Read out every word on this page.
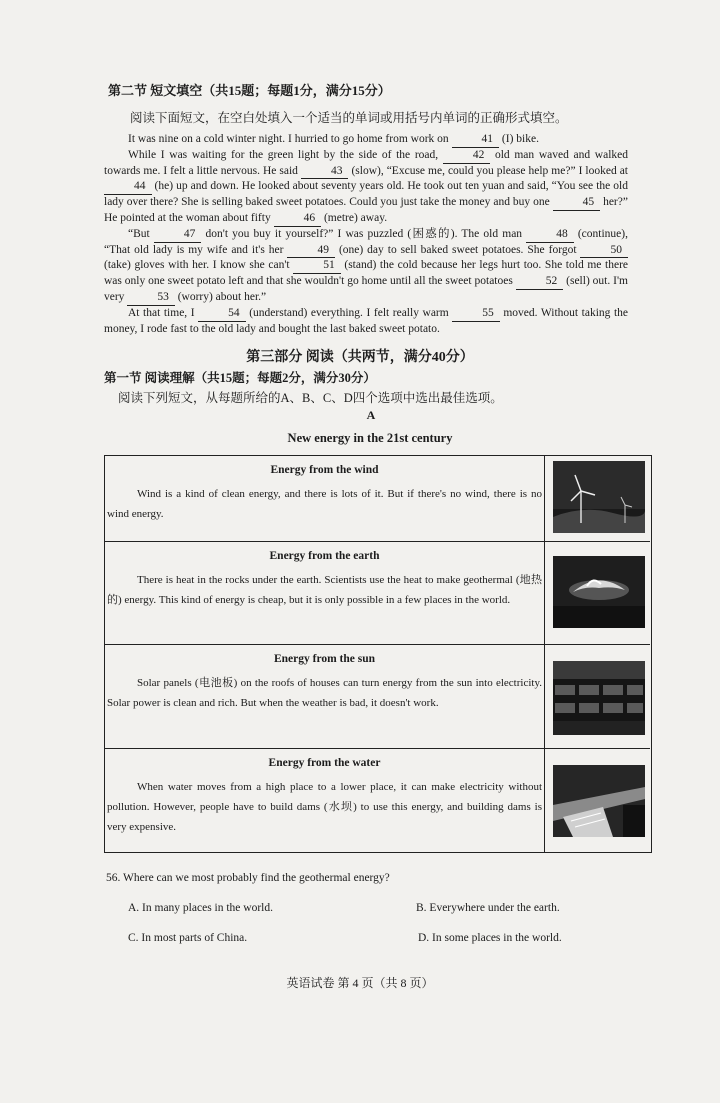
第二节 短文填空（共15题；每题1分，满分15分）
阅读下面短文，在空白处填入一个适当的单词或用括号内单词的正确形式填空。

It was nine on a cold winter night. I hurried to go home from work on	41 (I) bike.

While I was waiting for the green light by the side of the road,	42 old man waved and walked towards me. I felt a little nervous. He said	43 (slow), “Excuse me, could you please help me?” I looked at 44 (he) up and down. He looked about seventy years old. He took out ten yuan and said, “You see the old lady over there? She is selling baked sweet potatoes. Could you just take the money and buy one	45 her?” He pointed at the woman about fifty	46 (metre) away.

“But	47 don't you buy it yourself?” I was puzzled (困惑的). The old man	48 (continue), “That old lady is my wife and it's her	49 (one) day to sell baked sweet potatoes. She forgot	50 (take) gloves with her. I know she can't	51 (stand) the cold because her legs hurt too. She told me there was only one sweet potato left and that she wouldn't go home until all the sweet potatoes	52 (sell) out. I'm very	53 (worry) about her.”

At that time, I	54 (understand) everything. I felt really warm	55 moved. Without taking the money, I rode fast to the old lady and bought the last baked sweet potato.

第三部分 阅读（共两节，满分40分）
第一节 阅读理解（共15题；每题2分，满分30分）
阅读下列短文，从每题所给的A、B、C、D四个选项中选出最佳选项。
A
New energy in the 21st century
Energy from the wind
Wind is a kind of clean energy, and there is lots of it. But if there's no wind, there is no wind energy.
Energy from the earth
There is heat in the rocks under the earth. Scientists use the heat to make geothermal (地热的) energy. This kind of energy is cheap, but it is only possible in a few places in the world.
Energy from the sun
Solar panels (电池板) on the roofs of houses can turn energy from the sun into electricity. Solar power is clean and rich. But when the weather is bad, it doesn't work.
Energy from the water
When water moves from a high place to a lower place, it can make electricity without pollution. However, people have to build dams (水坝) to use this energy, and building dams is very expensive.
56. Where can we most probably find the geothermal energy?
A. In many places in the world.	B. Everywhere under the earth.
C. In most parts of China.	D. In some places in the world.
英语试卷 第 4 页（共 8 页）
